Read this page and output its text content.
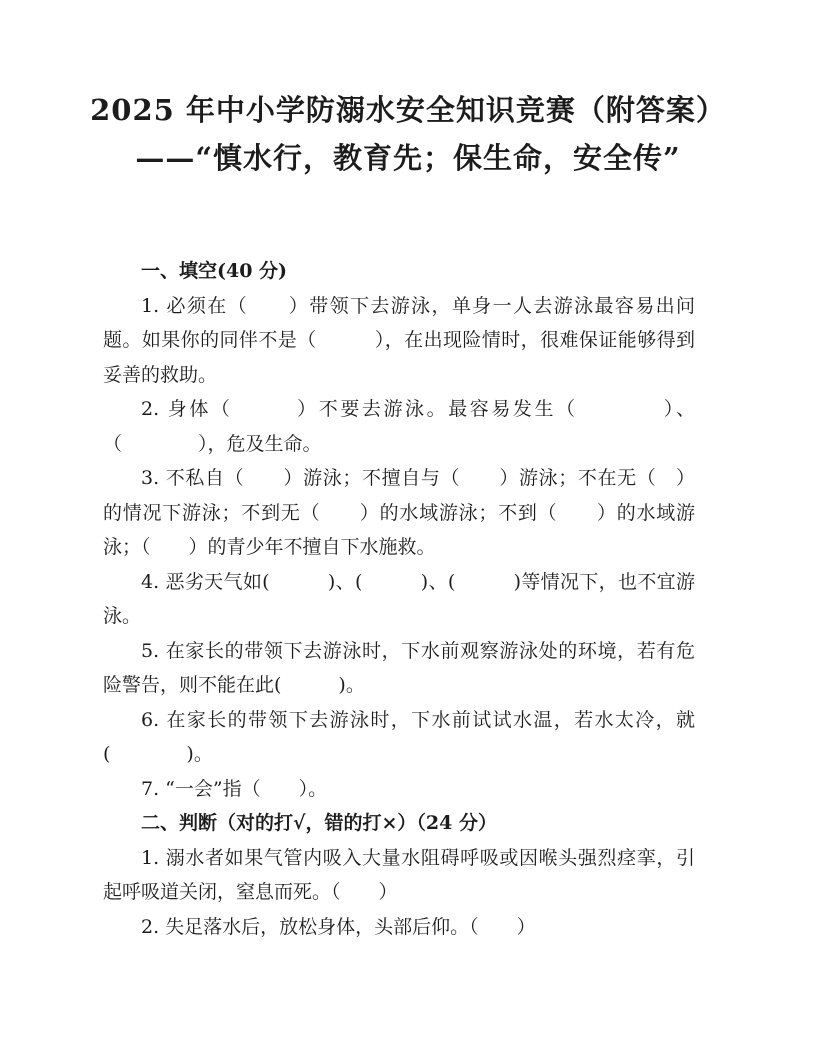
2025 年中小学防溺水安全知识竞赛（附答案）
——“慎水行，教育先；保生命，安全传”

一、填空(40 分)

1. 必须在（　　）带领下去游泳，单身一人去游泳最容易出问题。如果你的同伴不是（　　　），在出现险情时，很难保证能够得到妥善的救助。

2. 身体（　　　）不要去游泳。最容易发生（　　　　）、（　　　　），危及生命。

3. 不私自（　　）游泳；不擅自与（　　）游泳；不在无（　）的情况下游泳；不到无（　　）的水域游泳；不到（　　）的水域游泳；（　　）的青少年不擅自下水施救。

4. 恶劣天气如(　　　)、(　　　)、(　　　)等情况下，也不宜游泳。

5. 在家长的带领下去游泳时，下水前观察游泳处的环境，若有危险警告，则不能在此(　　　)。

6. 在家长的带领下去游泳时，下水前试试水温，若水太冷，就(　　　　)。

7. “一会”指（　　）。

二、判断（对的打√，错的打×）（24 分）

1. 溺水者如果气管内吸入大量水阻碍呼吸或因喉头强烈痉挛，引起呼吸道关闭，窒息而死。（　　）

2. 失足落水后，放松身体，头部后仰。（　　）
